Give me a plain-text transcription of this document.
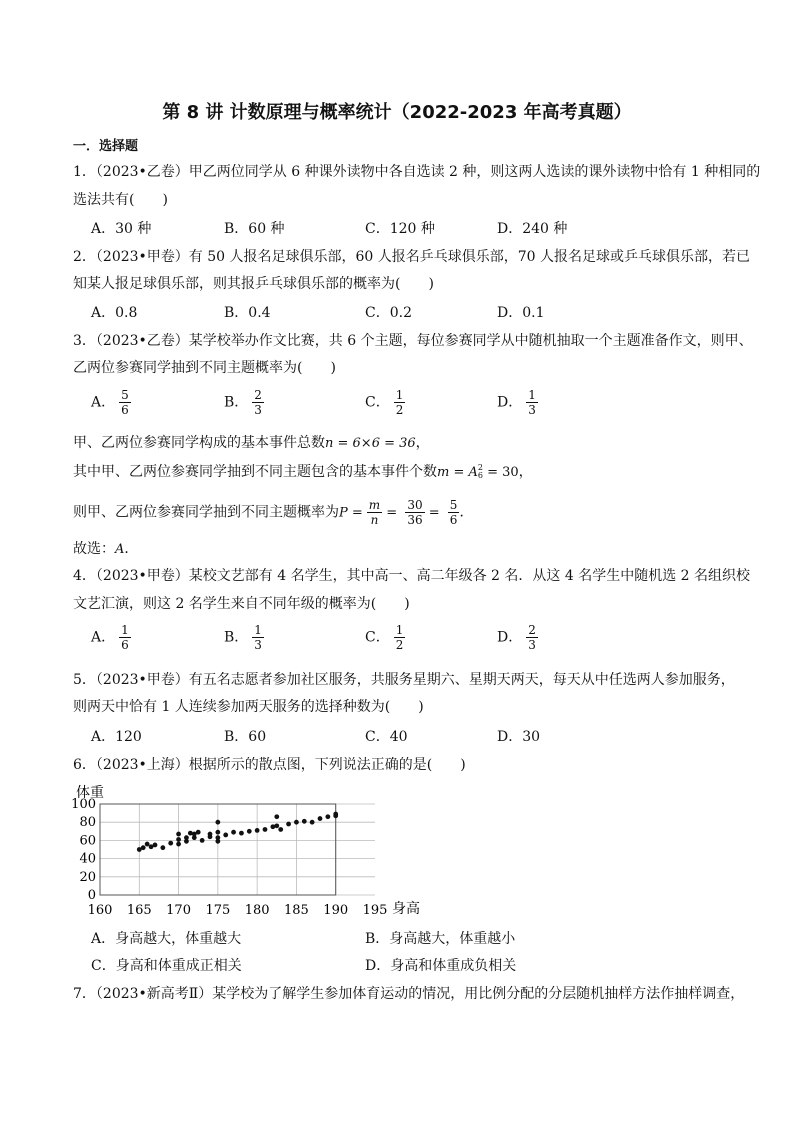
第 8 讲 计数原理与概率统计（2022-2023 年高考真题）
一．选择题
1．（2023•乙卷）甲乙两位同学从 6 种课外读物中各自选读 2 种，则这两人选读的课外读物中恰有 1 种相同的
选法共有(　　)
A．30 种	B．60 种	C．120 种	D．240 种
2．（2023•甲卷）有 50 人报名足球俱乐部，60 人报名乒乓球俱乐部，70 人报名足球或乒乓球俱乐部，若已
知某人报足球俱乐部，则其报乒乓球俱乐部的概率为(　　)
A．0.8	B．0.4	C．0.2	D．0.1
3．（2023•乙卷）某学校举办作文比赛，共 6 个主题，每位参赛同学从中随机抽取一个主题准备作文，则甲、
乙两位参赛同学抽到不同主题概率为(　　)
A． $\frac{5}{6}$	B． $\frac{2}{3}$	C． $\frac{1}{2}$	D． $\frac{1}{3}$
甲、乙两位参赛同学构成的基本事件总数n = 6×6 = 36，
其中甲、乙两位参赛同学抽到不同主题包含的基本事件个数m = A 2
6 = 30，
则甲、乙两位参赛同学抽到不同主题概率为$P = \frac{m}{n} = \frac{30}{36} = \frac{5}{6}$ ．
故选：A．
4．（2023•甲卷）某校文艺部有 4 名学生，其中高一、高二年级各 2 名．从这 4 名学生中随机选 2 名组织校
文艺汇演，则这 2 名学生来自不同年级的概率为(　　)
A． $\frac{1}{6}$	B． $\frac{1}{3}$	C． $\frac{1}{2}$	D． $\frac{2}{3}$
5．（2023•甲卷）有五名志愿者参加社区服务，共服务星期六、星期天两天，每天从中任选两人参加服务，
则两天中恰有 1 人连续参加两天服务的选择种数为(　　)
A．120	B．60	C．40	D．30
6．（2023•上海）根据所示的散点图，下列说法正确的是(　　)
体重
身高
0
20
40
60
80
100
160 165 170 175 180 185 190 195
A．身高越大，体重越大	B．身高越大，体重越小
C．身高和体重成正相关	D．身高和体重成负相关
7．（2023•新高考Ⅱ）某学校为了解学生参加体育运动的情况，用比例分配的分层随机抽样方法作抽样调查，
